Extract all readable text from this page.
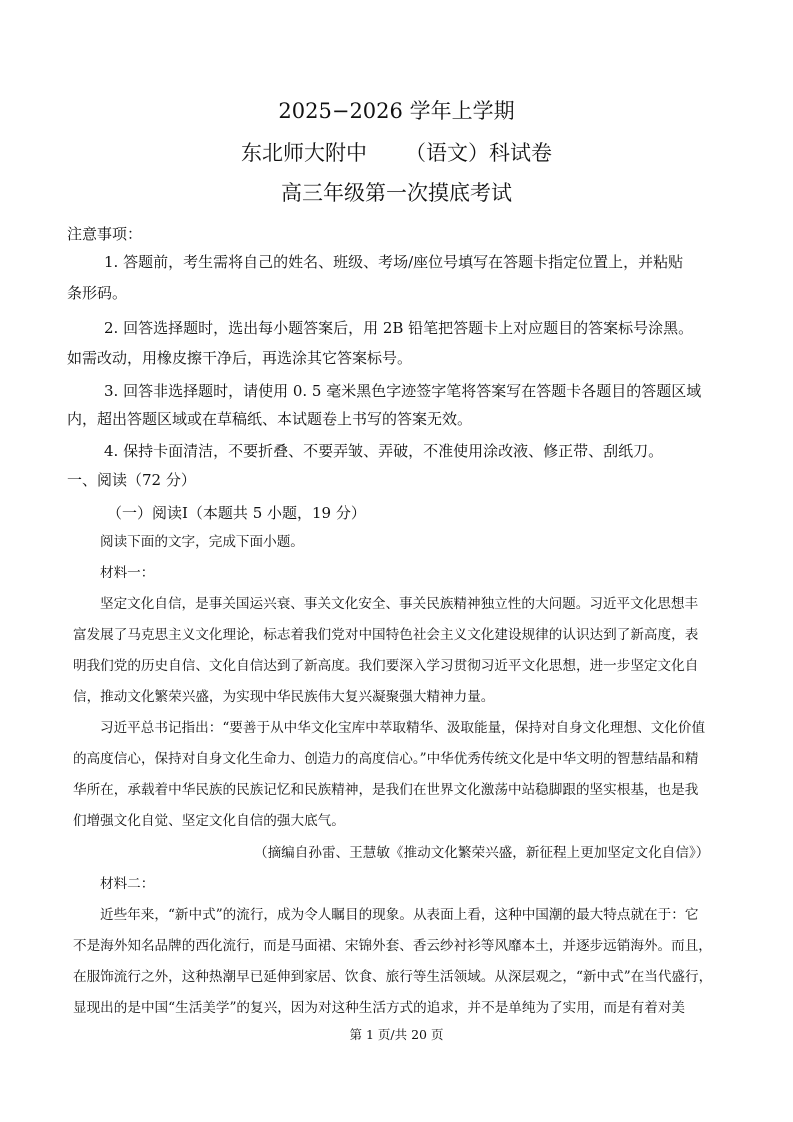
2025−2026 学年上学期
东北师大附中 （语文）科试卷
高三年级第一次摸底考试
注意事项：
1. 答题前，考生需将自己的姓名、班级、考场/座位号填写在答题卡指定位置上，并粘贴
条形码。
2. 回答选择题时，选出每小题答案后，用 2B 铅笔把答题卡上对应题目的答案标号涂黑。
如需改动，用橡皮擦干净后，再选涂其它答案标号。
3. 回答非选择题时，请使用 0. 5 毫米黑色字迹签字笔将答案写在答题卡各题目的答题区域
内，超出答题区域或在草稿纸、本试题卷上书写的答案无效。
4. 保持卡面清洁，不要折叠、不要弄皱、弄破，不准使用涂改液、修正带、刮纸刀。
一、阅读（72 分）
（一）阅读Ⅰ（本题共 5 小题，19 分）
阅读下面的文字，完成下面小题。
材料一：
坚定文化自信，是事关国运兴衰、事关文化安全、事关民族精神独立性的大问题。习近平文化思想丰
富发展了马克思主义文化理论，标志着我们党对中国特色社会主义文化建设规律的认识达到了新高度，表
明我们党的历史自信、文化自信达到了新高度。我们要深入学习贯彻习近平文化思想，进一步坚定文化自
信，推动文化繁荣兴盛，为实现中华民族伟大复兴凝聚强大精神力量。
习近平总书记指出：“要善于从中华文化宝库中萃取精华、汲取能量，保持对自身文化理想、文化价值
的高度信心，保持对自身文化生命力、创造力的高度信心。”中华优秀传统文化是中华文明的智慧结晶和精
华所在，承载着中华民族的民族记忆和民族精神，是我们在世界文化激荡中站稳脚跟的坚实根基，也是我
们增强文化自觉、坚定文化自信的强大底气。
（摘编自孙雷、王慧敏《推动文化繁荣兴盛，新征程上更加坚定文化自信》）
材料二：
近些年来，“新中式”的流行，成为令人瞩目的现象。从表面上看，这种中国潮的最大特点就在于：它
不是海外知名品牌的西化流行，而是马面裙、宋锦外套、香云纱衬衫等风靡本土，并逐步远销海外。而且，
在服饰流行之外，这种热潮早已延伸到家居、饮食、旅行等生活领域。从深层观之，“新中式”在当代盛行，
显现出的是中国“生活美学”的复兴，因为对这种生活方式的追求，并不是单纯为了实用，而是有着对美
第 1 页/共 20 页
